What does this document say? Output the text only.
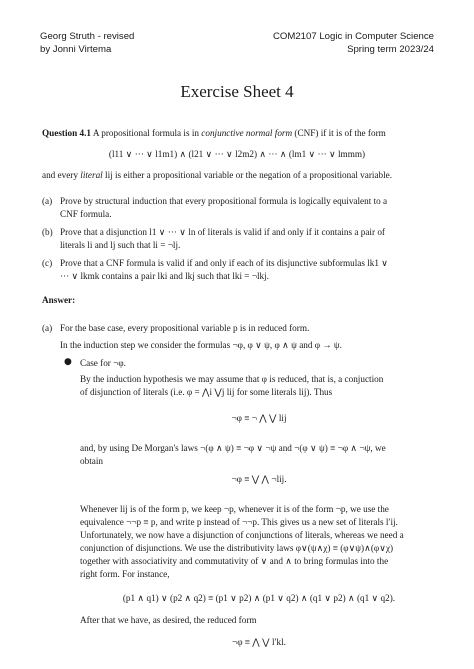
Georg Struth - revised
by Jonni Virtema
COM2107 Logic in Computer Science
Spring term 2023/24
Exercise Sheet 4
Question 4.1 A propositional formula is in conjunctive normal form (CNF) if it is of the form
(l11 ∨ ··· ∨ l1m1) ∧ (l21 ∨ ··· ∨ l2m2) ∧ ··· ∧ (lm1 ∨ ··· ∨ lmmm)
and every literal lij is either a propositional variable or the negation of a propositional variable.
(a) Prove by structural induction that every propositional formula is logically equivalent to a
CNF formula.
(b) Prove that a disjunction l1 ∨ ··· ∨ ln of literals is valid if and only if it contains a pair of
literals li and lj such that li = ¬lj.
(c) Prove that a CNF formula is valid if and only if each of its disjunctive subformulas lk1 ∨
··· ∨ lkmk contains a pair lki and lkj such that lki = ¬lkj.
Answer:
(a) For the base case, every propositional variable p is in reduced form.
In the induction step we consider the formulas ¬φ, φ ∨ ψ, φ ∧ ψ and φ → ψ.
● Case for ¬φ.
By the induction hypothesis we may assume that φ is reduced, that is, a conjuction
of disjunction of literals (i.e. φ = ⋀i ⋁j lij for some literals lij). Thus
¬φ ≡ ¬ ⋀ ⋁ lij
and, by using De Morgan's laws ¬(φ ∧ ψ) ≡ ¬φ ∨ ¬ψ and ¬(φ ∨ ψ) ≡ ¬φ ∧ ¬ψ, we
obtain
¬φ ≡ ⋁ ⋀ ¬lij.
Whenever lij is of the form p, we keep ¬p, whenever it is of the form ¬p, we use the
equivalence ¬¬p ≡ p, and write p instead of ¬¬p. This gives us a new set of literals l′ij.
Unfortunately, we now have a disjunction of conjunctions of literals, whereas we need a
conjunction of disjunctions. We use the distributivity laws φ∨(ψ∧χ) ≡ (φ∨ψ)∧(φ∨χ)
together with associativity and commutativity of ∨ and ∧ to bring formulas into the
right form. For instance,
(p1 ∧ q1) ∨ (p2 ∧ q2) ≡ (p1 ∨ p2) ∧ (p1 ∨ q2) ∧ (q1 ∨ p2) ∧ (q1 ∨ q2).
After that we have, as desired, the reduced form
¬φ ≡ ⋀ ⋁ l′kl.
